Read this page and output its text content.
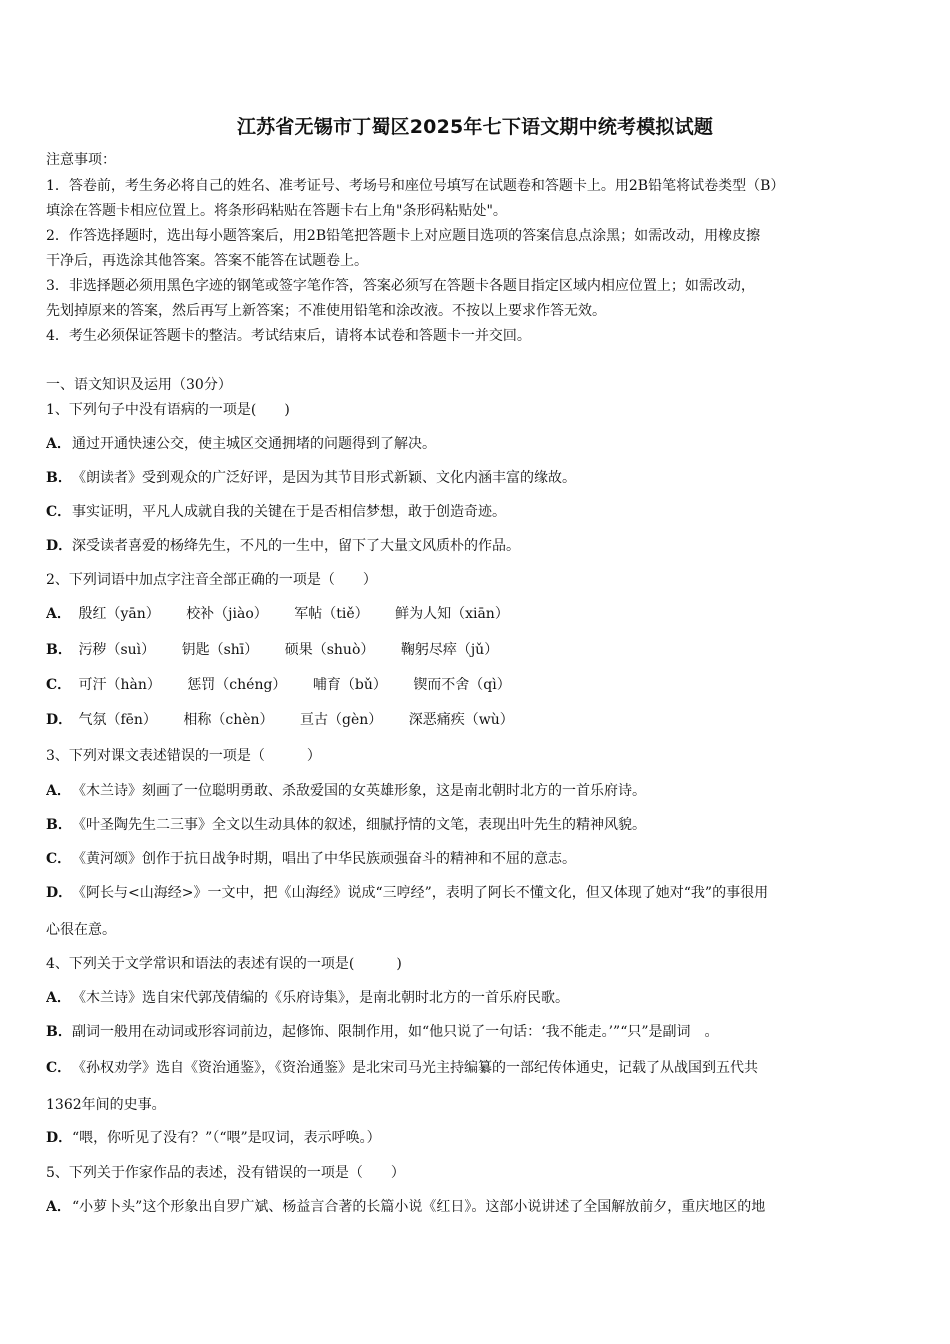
江苏省无锡市丁蜀区2025年七下语文期中统考模拟试题
注意事项：
1．答卷前，考生务必将自己的姓名、准考证号、考场号和座位号填写在试题卷和答题卡上。用2B铅笔将试卷类型（B）
填涂在答题卡相应位置上。将条形码粘贴在答题卡右上角"条形码粘贴处"。
2．作答选择题时，选出每小题答案后，用2B铅笔把答题卡上对应题目选项的答案信息点涂黑；如需改动，用橡皮擦
干净后，再选涂其他答案。答案不能答在试题卷上。
3．非选择题必须用黑色字迹的钢笔或签字笔作答，答案必须写在答题卡各题目指定区域内相应位置上；如需改动，
先划掉原来的答案，然后再写上新答案；不准使用铅笔和涂改液。不按以上要求作答无效。
4．考生必须保证答题卡的整洁。考试结束后，请将本试卷和答题卡一并交回。
一、语文知识及运用（30分）
1、下列句子中没有语病的一项是(　　)
A．通过开通快速公交，使主城区交通拥堵的问题得到了解决。
B．《朗读者》受到观众的广泛好评，是因为其节目形式新颖、文化内涵丰富的缘故。
C．事实证明，平凡人成就自我的关键在于是否相信梦想，敢于创造奇迹。
D．深受读者喜爱的杨绛先生，不凡的一生中，留下了大量文风质朴的作品。
2、下列词语中加点字注音全部正确的一项是（　　）
A． 殷红（yān） 校补（jiào） 军帖（tiě） 鲜为人知（xiān）
B． 污秽（suì） 钥匙（shī） 硕果（shuò） 鞠躬尽瘁（jǔ）
C． 可汗（hàn） 惩罚（chéng） 哺育（bǔ） 锲而不舍（qì）
D． 气氛（fēn） 相称（chèn） 亘古（gèn） 深恶痛疾（wù）
3、下列对课文表述错误的一项是（　　　）
A．《木兰诗》刻画了一位聪明勇敢、杀敌爱国的女英雄形象，这是南北朝时北方的一首乐府诗。
B．《叶圣陶先生二三事》全文以生动具体的叙述，细腻抒情的文笔，表现出叶先生的精神风貌。
C．《黄河颂》创作于抗日战争时期，唱出了中华民族顽强奋斗的精神和不屈的意志。
D．《阿长与<山海经>》一文中，把《山海经》说成“三哼经”，表明了阿长不懂文化，但又体现了她对“我”的事很用
心很在意。
4、下列关于文学常识和语法的表述有误的一项是(　　　)
A．《木兰诗》选自宋代郭茂倩编的《乐府诗集》，是南北朝时北方的一首乐府民歌。
B．副词一般用在动词或形容词前边，起修饰、限制作用，如“他只说了一句话：‘我不能走。’”“只”是副词　。
C．《孙权劝学》选自《资治通鉴》，《资治通鉴》是北宋司马光主持编纂的一部纪传体通史，记载了从战国到五代共
1362年间的史事。
D．“喂，你听见了没有？”（“喂”是叹词，表示呼唤。）
5、下列关于作家作品的表述，没有错误的一项是（　　）
A．“小萝卜头”这个形象出自罗广斌、杨益言合著的长篇小说《红日》。这部小说讲述了全国解放前夕，重庆地区的地
